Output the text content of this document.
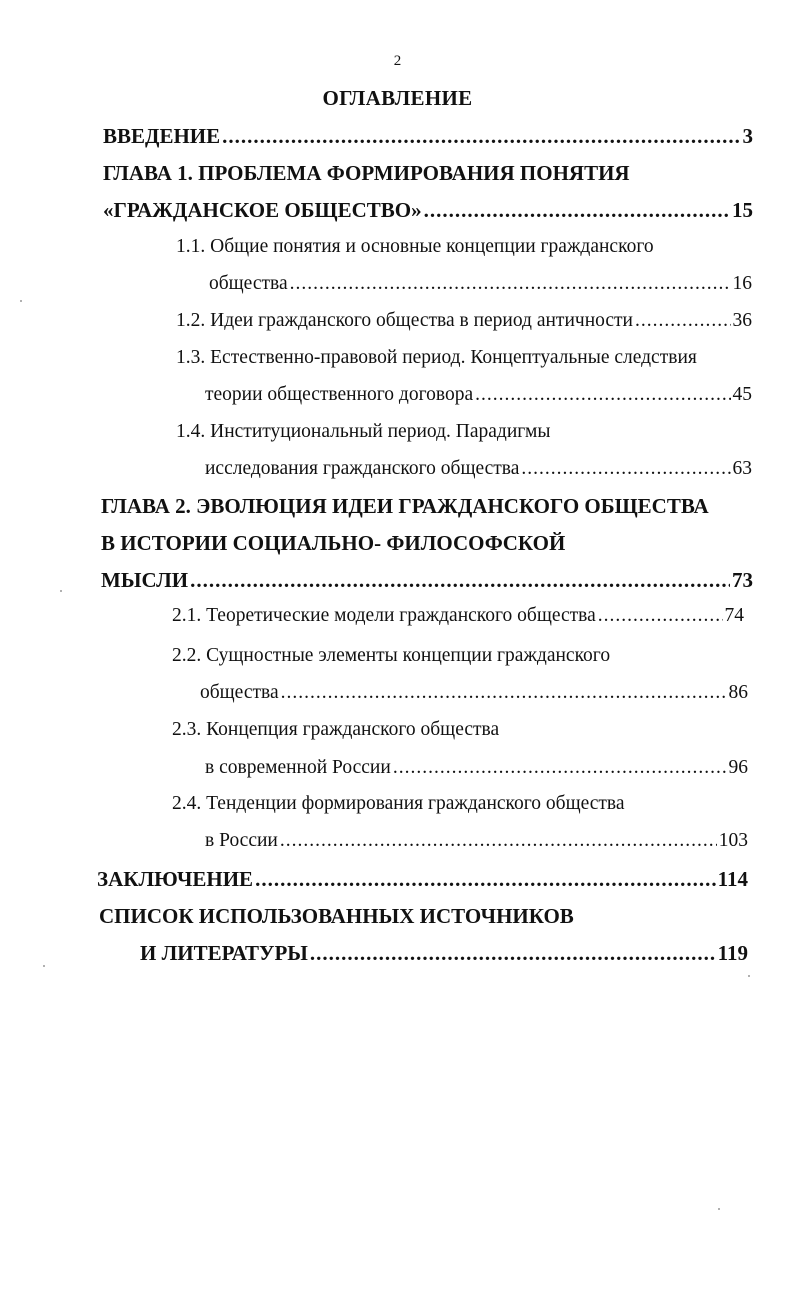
2
ОГЛАВЛЕНИЕ
ВВЕДЕНИЕ .....	3
ГЛАВА 1. ПРОБЛЕМА ФОРМИРОВАНИЯ ПОНЯТИЯ
«ГРАЖДАНСКОЕ ОБЩЕСТВО» .....	15
1.1. Общие понятия и основные концепции гражданского
общества .....	16
1.2. Идеи гражданского общества в период античности .....	36
1.3. Естественно-правовой период. Концептуальные следствия
теории общественного договора .....	45
1.4. Институциональный период. Парадигмы
исследования гражданского общества .....	63
ГЛАВА 2. ЭВОЛЮЦИЯ ИДЕИ ГРАЖДАНСКОГО ОБЩЕСТВА
В ИСТОРИИ СОЦИАЛЬНО- ФИЛОСОФСКОЙ
МЫСЛИ .....	73
2.1. Теоретические модели гражданского общества .....	74
2.2. Сущностные элементы концепции гражданского
общества .....	86
2.3. Концепция гражданского общества
в современной России .....	96
2.4. Тенденции формирования гражданского общества
в России .....	103
ЗАКЛЮЧЕНИЕ .....	114
СПИСОК ИСПОЛЬЗОВАННЫХ ИСТОЧНИКОВ
И ЛИТЕРАТУРЫ .....	119
